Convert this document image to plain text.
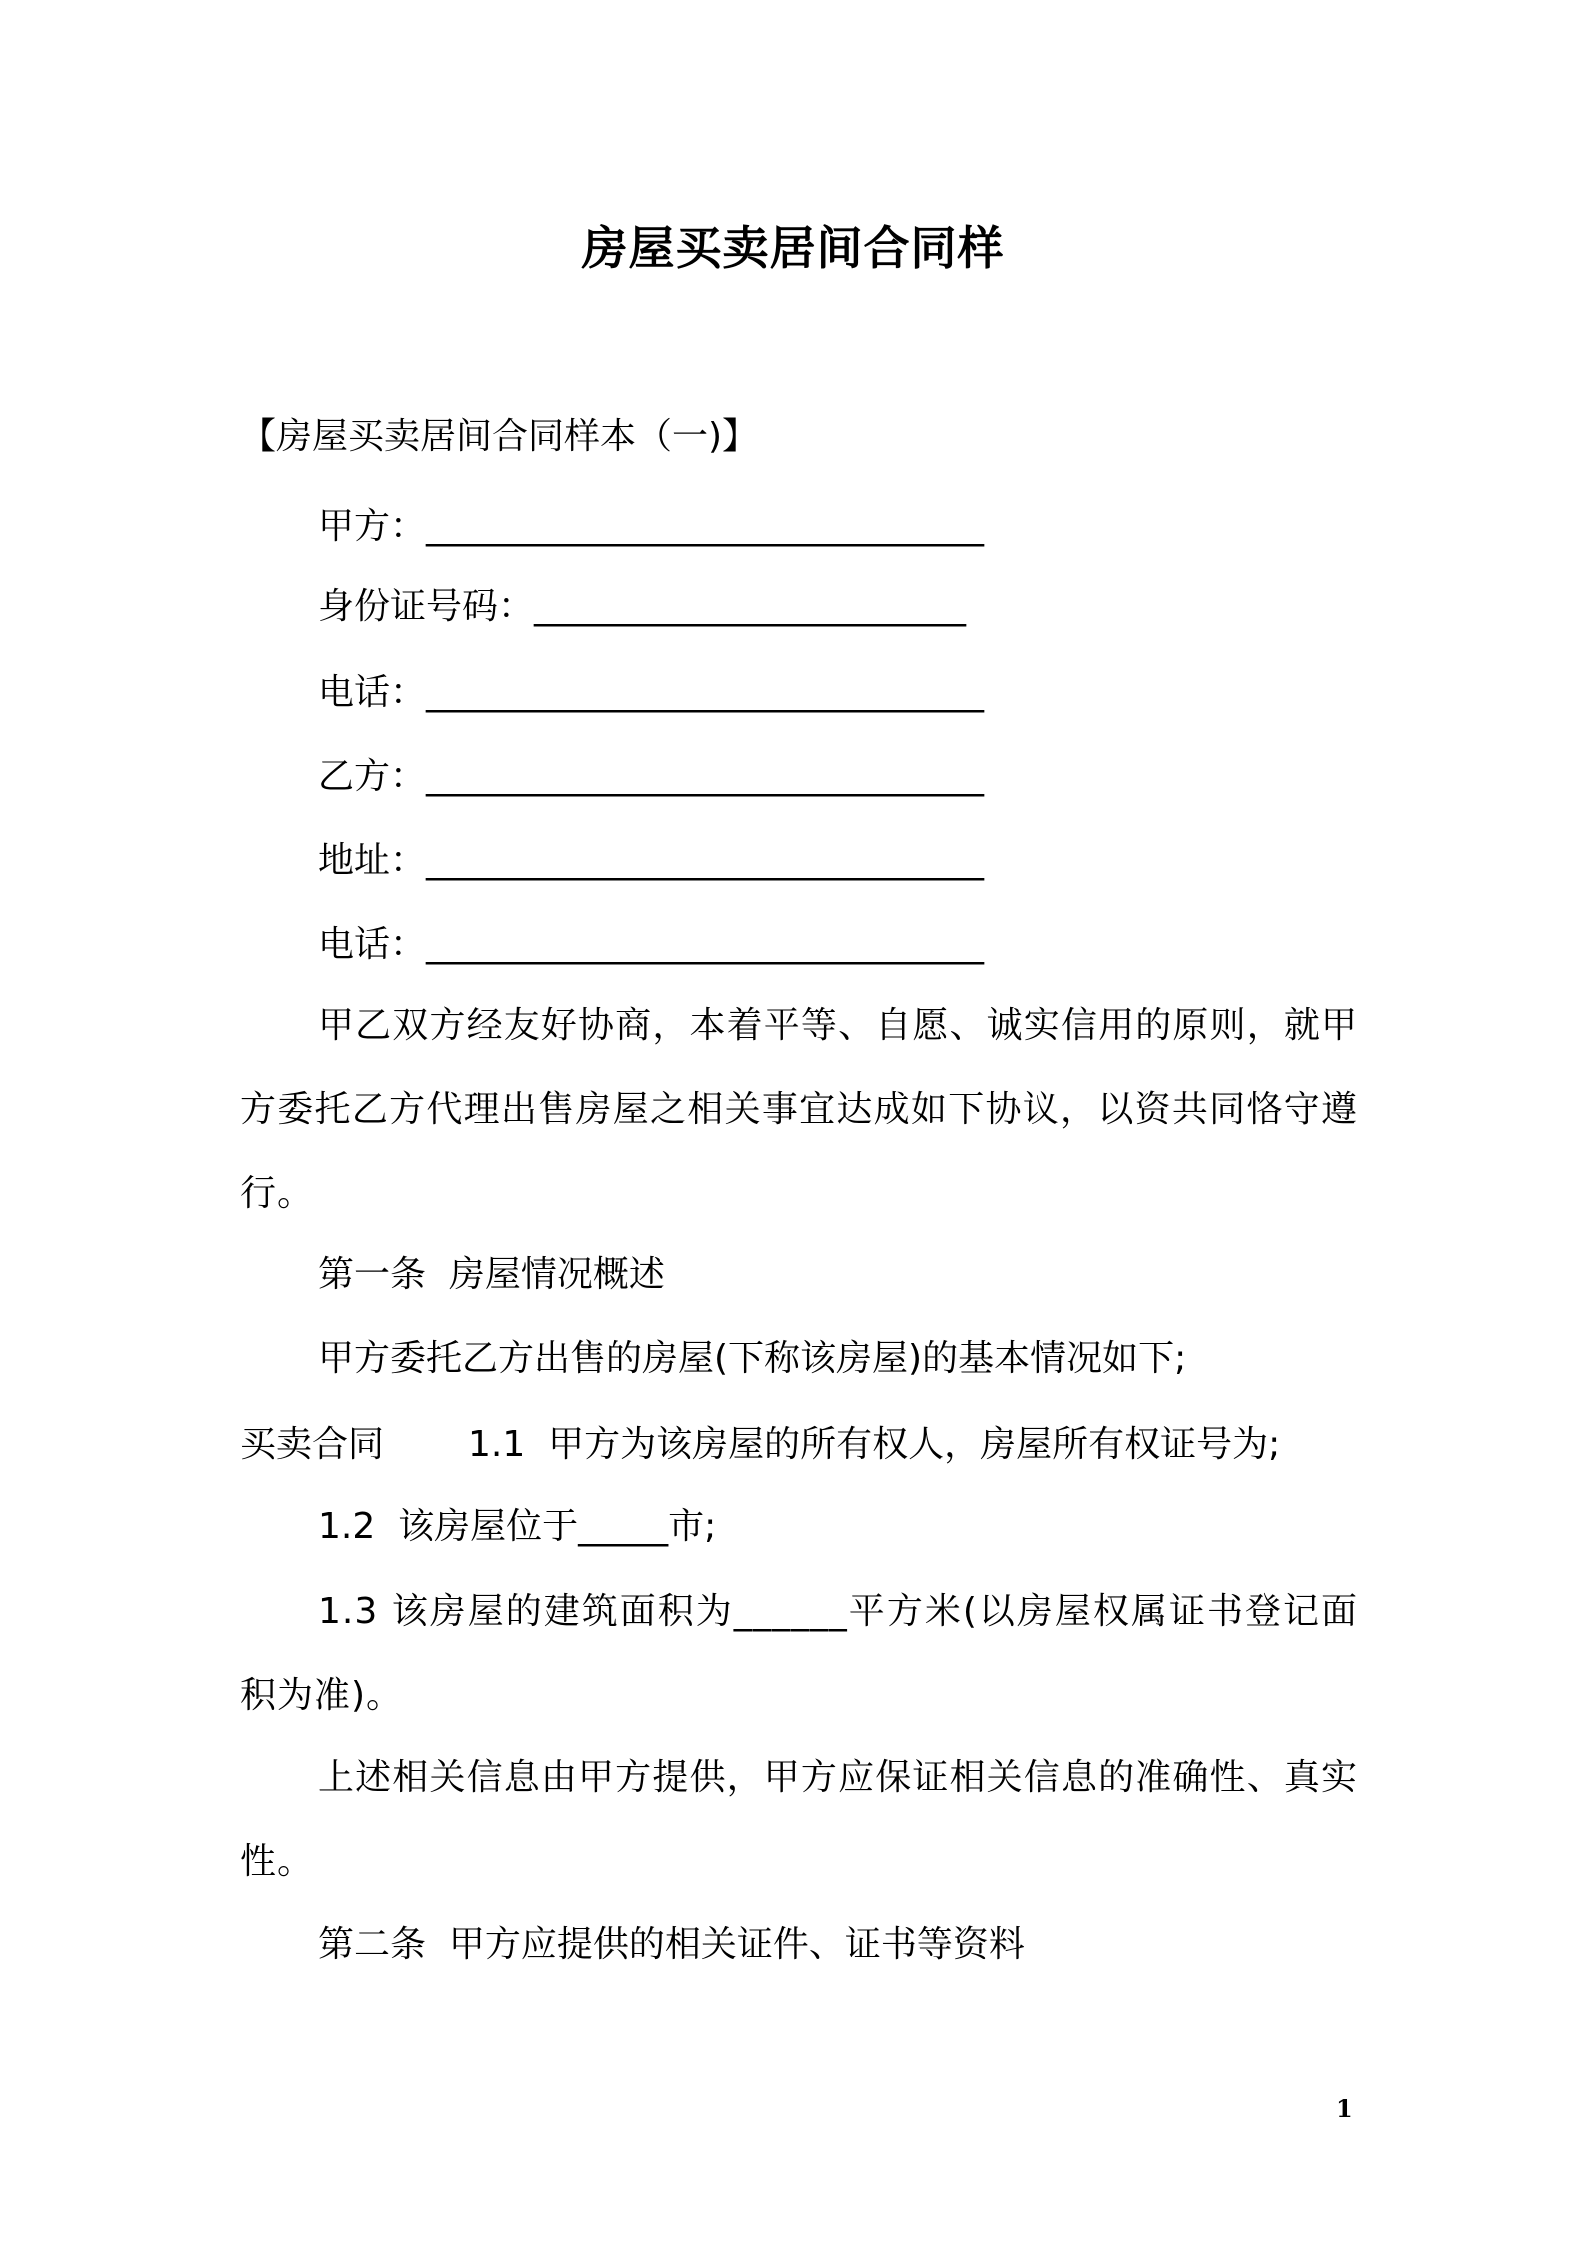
房屋买卖居间合同样
【房屋买卖居间合同样本（一)】
甲方：_______________________________
身份证号码：________________________
电话：_______________________________
乙方：_______________________________
地址：_______________________________
电话：_______________________________
甲乙双方经友好协商，本着平等、自愿、诚实信用的原则，就甲方委托乙方代理出售房屋之相关事宜达成如下协议，以资共同恪守遵行。
第一条  房屋情况概述
甲方委托乙方出售的房屋(下称该房屋)的基本情况如下;
买卖合同 1.1  甲方为该房屋的所有权人，房屋所有权证号为;
1.2  该房屋位于_____市;
1.3 该房屋的建筑面积为______平方米(以房屋权属证书登记面积为准)。
上述相关信息由甲方提供，甲方应保证相关信息的准确性、真实性。
第二条  甲方应提供的相关证件、证书等资料
1
